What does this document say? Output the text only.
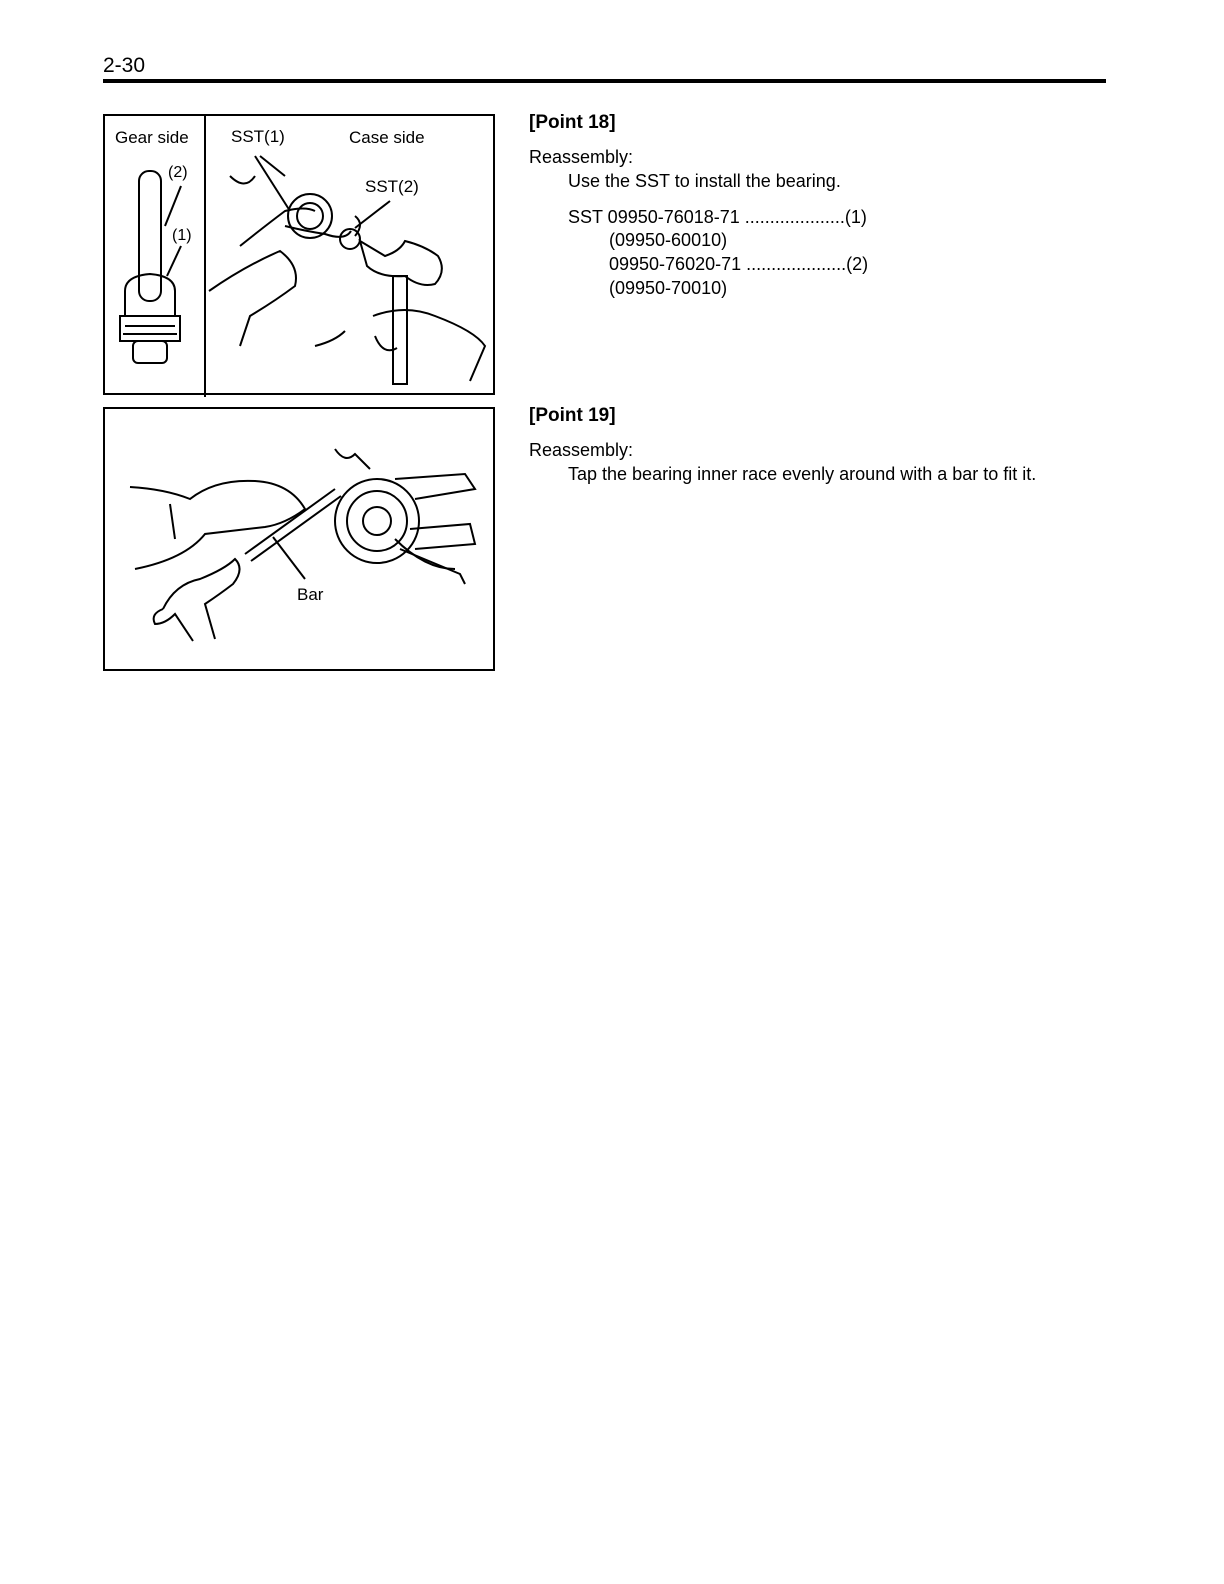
2-30
Gear side
(2)
(1)
SST(1)	Case side
SST(2)
Bar
[Point 18]
Reassembly:
Use the SST to install the bearing.
SST 09950-76018-71 ....................(1)
(09950-60010)
09950-76020-71 ....................(2)
(09950-70010)
[Point 19]
Reassembly:
Tap the bearing inner race evenly around with a bar to fit it.
